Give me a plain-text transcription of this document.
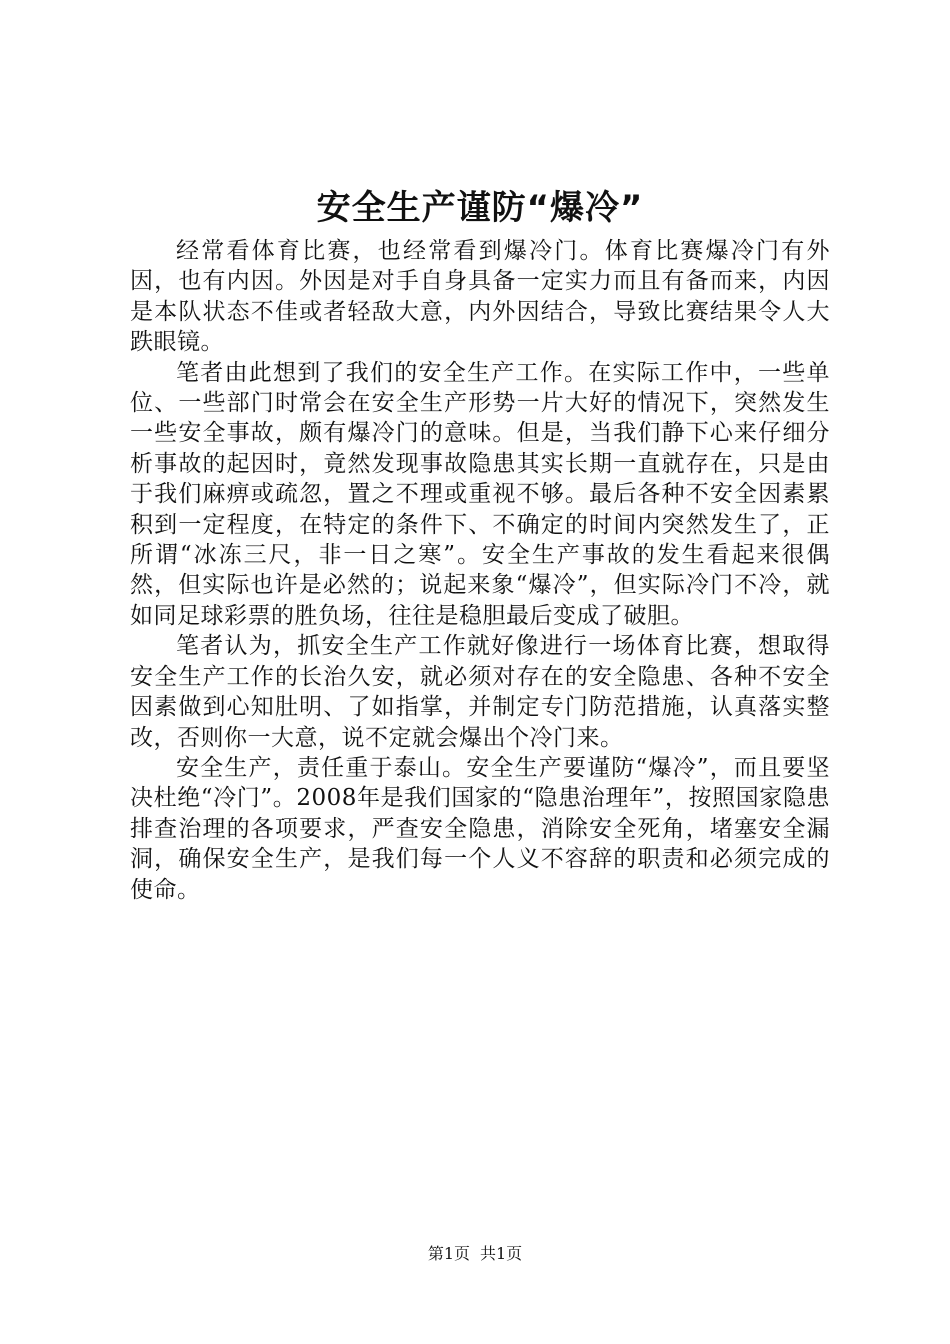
安全生产谨防“爆冷”

经常看体育比赛，也经常看到爆冷门。体育比赛爆冷门有外因，也有内因。外因是对手自身具备一定实力而且有备而来，内因是本队状态不佳或者轻敌大意，内外因结合，导致比赛结果令人大跌眼镜。

笔者由此想到了我们的安全生产工作。在实际工作中，一些单位、一些部门时常会在安全生产形势一片大好的情况下，突然发生一些安全事故，颇有爆冷门的意味。但是，当我们静下心来仔细分析事故的起因时，竟然发现事故隐患其实长期一直就存在，只是由于我们麻痹或疏忽，置之不理或重视不够。最后各种不安全因素累积到一定程度，在特定的条件下、不确定的时间内突然发生了，正所谓“冰冻三尺，非一日之寒”。安全生产事故的发生看起来很偶然，但实际也许是必然的；说起来象“爆冷”，但实际冷门不冷，就如同足球彩票的胜负场，往往是稳胆最后变成了破胆。

笔者认为，抓安全生产工作就好像进行一场体育比赛，想取得安全生产工作的长治久安，就必须对存在的安全隐患、各种不安全因素做到心知肚明、了如指掌，并制定专门防范措施，认真落实整改，否则你一大意，说不定就会爆出个冷门来。

安全生产，责任重于泰山。安全生产要谨防“爆冷”，而且要坚决杜绝“冷门”。2008年是我们国家的“隐患治理年”，按照国家隐患排查治理的各项要求，严查安全隐患，消除安全死角，堵塞安全漏洞，确保安全生产，是我们每一个人义不容辞的职责和必须完成的使命。

第1页 共1页
